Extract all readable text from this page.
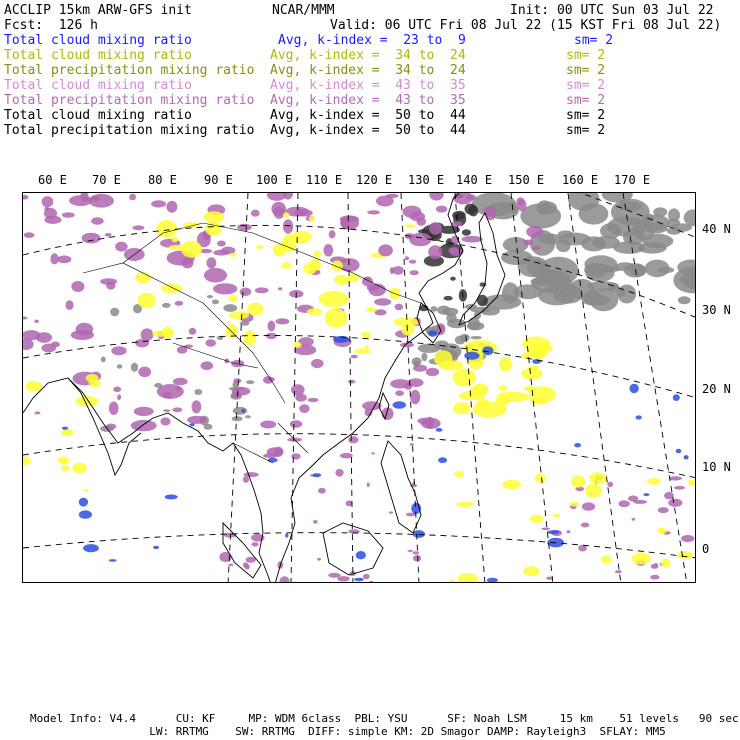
ACCLIP 15km ARW-GFS init	NCAR/MMM	Init: 00 UTC Sun 03 Jul 22
Fcst:  126 h	Valid: 06 UTC Fri 08 Jul 22 (15 KST Fri 08 Jul 22)
Total cloud mixing ratio	Avg, k-index =  23 to  9	sm= 2
Total cloud mixing ratio	Avg, k-index =  34 to  24	sm= 2
Total precipitation mixing ratio Avg, k-index =  34 to  24	sm= 2
Total cloud mixing ratio	Avg, k-index =  43 to  35	sm= 2
Total precipitation mixing ratio Avg, k-index =  43 to  35	sm= 2
Total cloud mixing ratio	Avg, k-index =  50 to  44	sm= 2
Total precipitation mixing ratio Avg, k-index =  50 to  44	sm= 2
60 E 70 E 80 E 90 E 100 E 110 E 120 E 130 E 140 E 150 E 160 E 170 E
40 N
30 N
20 N
10 N
0
Model Info: V4.4      CU: KF     MP: WDM 6class  PBL: YSU      SF: Noah LSM     15 km    51 levels   90 sec
LW: RRTMG    SW: RRTMG  DIFF: simple KM: 2D Smagor DAMP: Rayleigh3  SFLAY: MM5
